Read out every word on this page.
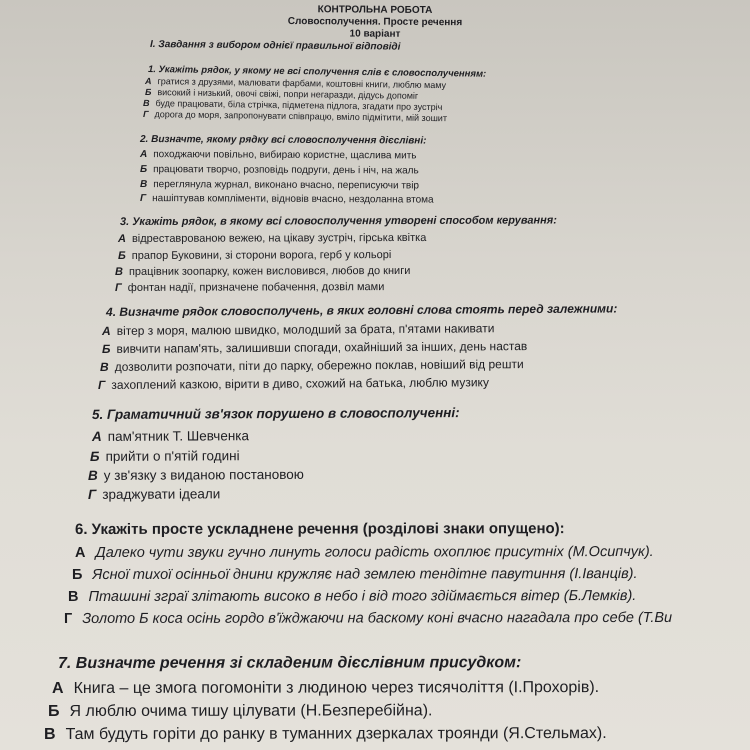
КОНТРОЛЬНА РОБОТА
Словосполучення. Просте речення
10 варіант
І. Завдання з вибором однієї правильної відповіді
1. Укажіть рядок, у якому не всі сполучення слів є словосполученням:
А гратися з друзями, малювати фарбами, коштовні книги, люблю маму
Б високий і низький, овочі свіжі, попри негаразди, дідусь допоміг
В буде працювати, біла стрічка, підметена підлога, згадати про зустріч
Г дорога до моря, запропонувати співпрацю, вміло підмітити, мій зошит
2. Визначте, якому рядку всі словосполучення дієслівні:
А походжаючи повільно, вибираю користне, щаслива мить
Б працювати творчо, розповідь подруги, день і ніч, на жаль
В переглянула журнал, виконано вчасно, переписуючи твір
Г нашіптував компліменти, відновів вчасно, нездоланна втома
3. Укажіть рядок, в якому всі словосполучення утворені способом керування:
А відреставрованою вежею, на цікаву зустріч, гірська квітка
Б прапор Буковини, зі сторони ворога, герб у кольорі
В працівник зоопарку, кожен висловився, любов до книги
Г фонтан надії, призначене побачення, дозвіл мами
4. Визначте рядок словосполучень, в яких головні слова стоять перед залежними:
А вітер з моря, малюю швидко, молодший за брата, п'ятами накивати
Б вивчити напам'ять, залишивши спогади, охайніший за інших, день настав
В дозволити розпочати, піти до парку, обережно поклав, новіший від решти
Г захоплений казкою, вірити в диво, схожий на батька, люблю музику
5. Граматичний зв'язок порушено в словосполученні:
А пам'ятник Т. Шевченка
Б прийти о п'ятій годині
В у зв'язку з виданою постановою
Г зраджувати ідеали
6. Укажіть просте ускладнене речення (розділові знаки опущено):
А Далеко чути звуки гучно линуть голоси радість охоплює присутніх (М.Осипчук).
Б Ясної тихої осінньої днини кружляє над землею тендітне павутиння (І.Іванців).
В Пташині зграї злітають високо в небо і від того здіймається вітер (Б.Лемків).
Г Золото Б коса осінь гордо в'їжджаючи на баскому коні вчасно нагадала про себе (Т.Ви
7. Визначте речення зі складеним дієслівним присудком:
А Книга – це змога погомоніти з людиною через тисячоліття (І.Прохорів).
Б Я люблю очима тишу цілувати (Н.Безперебійна).
В Там будуть горіти до ранку в туманних дзеркалах троянди (Я.Стельмах).
